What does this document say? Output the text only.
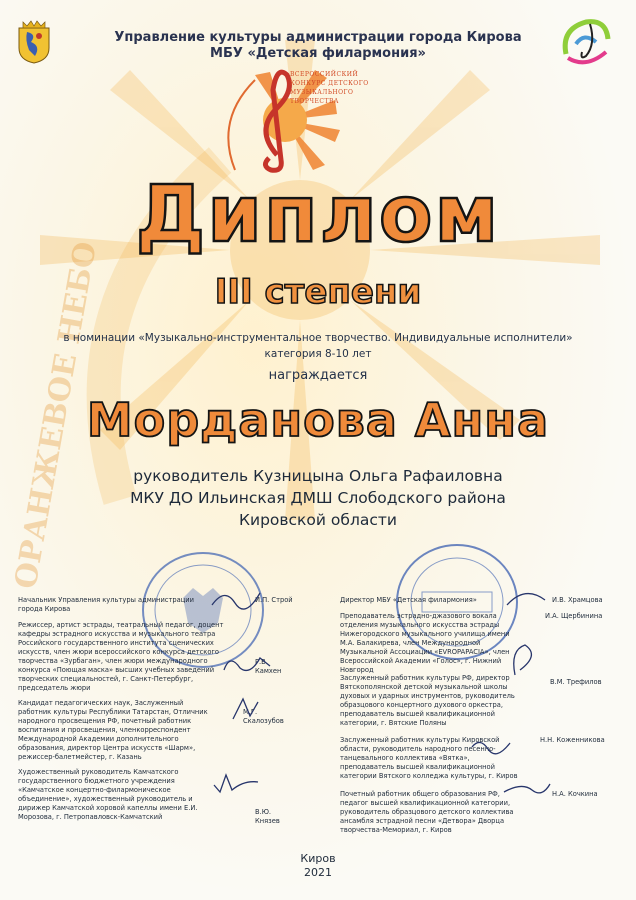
ОРАНЖЕВОЕ НЕБО
Управление культуры администрации города Кирова
МБУ «Детская филармония»
ВСЕРОССИЙСКИЙ КОНКУРС ДЕТСКОГО МУЗЫКАЛЬНОГО ТВОРЧЕСТВА
Диплом
III степени
в номинации «Музыкально-инструментальное творчество. Индивидуальные исполнители»
категория 8-10 лет
награждается
Морданова Анна
руководитель Кузницына Ольга Рафаиловна
МКУ ДО Ильинская ДМШ Слободского района
Кировской области
Начальник Управления культуры администрации города Кирова
И.П. Строй
Режиссер, артист эстрады, театральный педагог, доцент кафедры эстрадного искусства и музыкального театра Российского государственного института сценических искусств, член жюри всероссийского конкурса детского творчества «Зурбаган», член жюри международного конкурса «Поющая маска» высших учебных заведений творческих специальностей, г. Санкт-Петербург, председатель жюри
Р.В. Камхен
Кандидат педагогических наук, Заслуженный работник культуры Республики Татарстан, Отличник народного просвещения РФ, почетный работник воспитания и просвещения, членкорреспондент Международной Академии дополнительного образования, директор Центра искусств «Шарм», режиссер-балетмейстер, г. Казань
М.Г. Скалозубов
Художественный руководитель Камчатского государственного бюджетного учреждения «Камчатское концертно-филармоническое объединение», художественный руководитель и дирижер Камчатской хоровой капеллы имени Е.И. Морозова, г. Петропавловск-Камчатский
В.Ю. Князев
Директор МБУ «Детская филармония»	И.В. Храмцова
Преподаватель эстрадно-джазового вокала отделения музыкального искусства эстрады Нижегородского музыкального училища имени М.А. Балакирева, член Международной Музыкальной Ассоциации «EVROPAPACIA», член Всероссийской Академии «Голос», г. Нижний Новгород
И.А. Щербинина
Заслуженный работник культуры РФ, директор Вятскополянской детской музыкальной школы духовых и ударных инструментов, руководитель образцового концертного духового оркестра, преподаватель высшей квалификационной категории, г. Вятские Поляны
В.М. Трефилов
Заслуженный работник культуры Кировской области, руководитель народного песенно-танцевального коллектива «Вятка», преподаватель высшей квалификационной категории Вятского колледжа культуры, г. Киров
Н.Н. Коженникова
Почетный работник общего образования РФ, педагог высшей квалификационной категории, руководитель образцового детского коллектива ансамбля эстрадной песни «Детвора» Дворца творчества-Мемориал, г. Киров
Н.А. Кочкина
Киров
2021
